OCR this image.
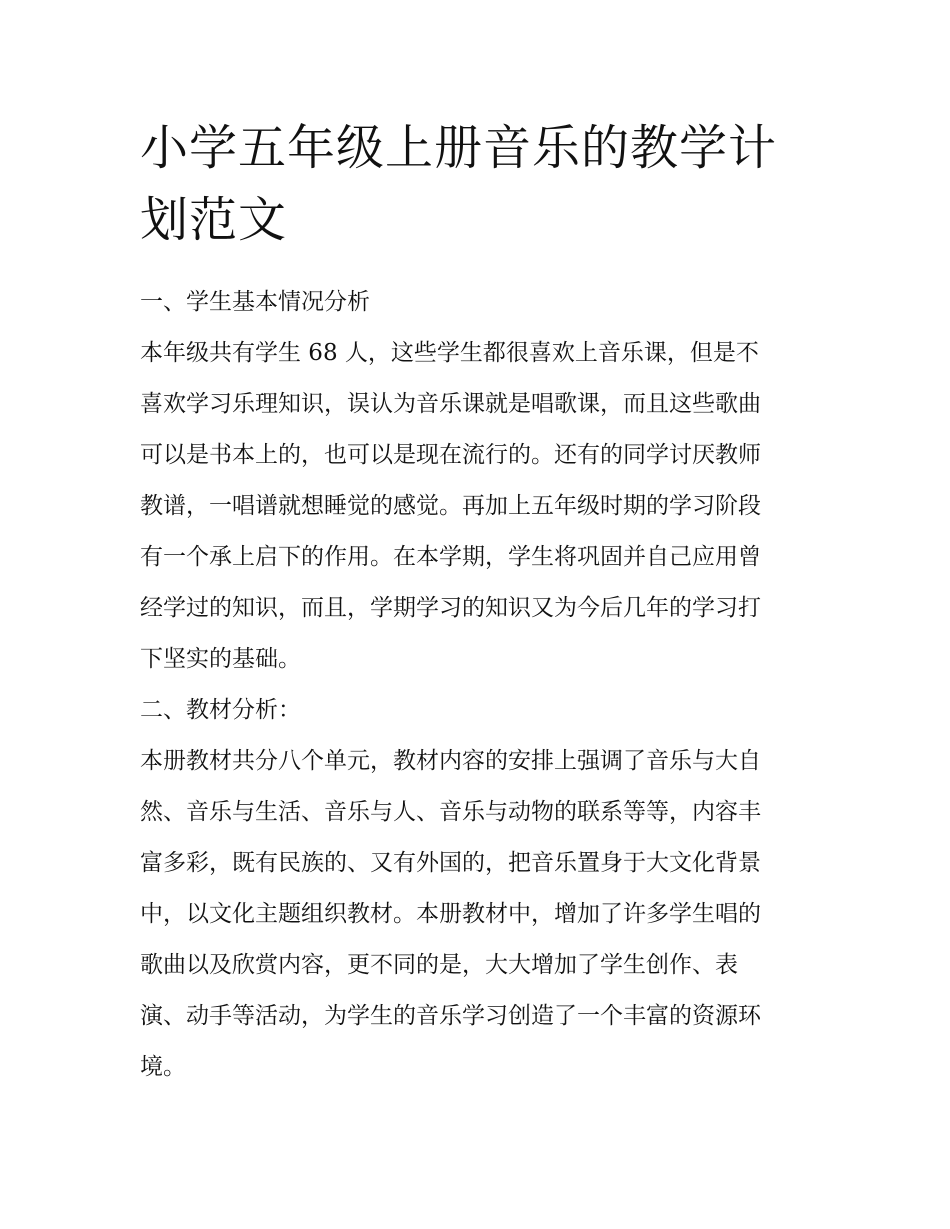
小学五年级上册音乐的教学计
划范文
一、学生基本情况分析
本年级共有学生 68 人，这些学生都很喜欢上音乐课，但是不
喜欢学习乐理知识，误认为音乐课就是唱歌课，而且这些歌曲
可以是书本上的，也可以是现在流行的。还有的同学讨厌教师
教谱，一唱谱就想睡觉的感觉。再加上五年级时期的学习阶段
有一个承上启下的作用。在本学期，学生将巩固并自己应用曾
经学过的知识，而且，学期学习的知识又为今后几年的学习打
下坚实的基础。
二、教材分析：
本册教材共分八个单元，教材内容的安排上强调了音乐与大自
然、音乐与生活、音乐与人、音乐与动物的联系等等，内容丰
富多彩，既有民族的、又有外国的，把音乐置身于大文化背景
中，以文化主题组织教材。本册教材中，增加了许多学生唱的
歌曲以及欣赏内容，更不同的是，大大增加了学生创作、表
演、动手等活动，为学生的音乐学习创造了一个丰富的资源环
境。
